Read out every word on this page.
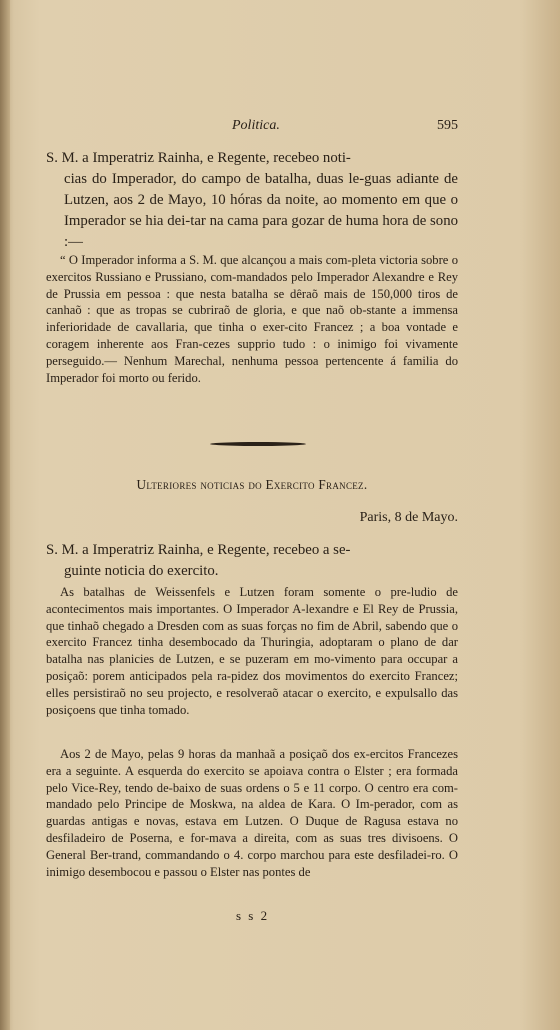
Politica.	595
S. M. a Imperatriz Rainha, e Regente, recebeo noti-
cias do Imperador, do campo de batalha, duas le-guas adiante de Lutzen, aos 2 de Mayo, 10 hóras da noite, ao momento em que o Imperador se hia dei-tar na cama para gozar de huma hora de sono :—
“ O Imperador informa a S. M. que alcançou a mais com-pleta victoria sobre o exercitos Russiano e Prussiano, com-mandados pelo Imperador Alexandre e Rey de Prussia em pessoa : que nesta batalha se dêraõ mais de 150,000 tiros de canhaõ : que as tropas se cubriraõ de gloria, e que naõ ob-stante a immensa inferioridade de cavallaria, que tinha o exer-cito Francez ; a boa vontade e coragem inherente aos Fran-cezes supprio tudo : o inimigo foi vivamente perseguido.— Nenhum Marechal, nenhuma pessoa pertencente á familia do Imperador foi morto ou ferido.
Ulteriores noticias do Exercito Francez.
Paris, 8 de Mayo.
S. M. a Imperatriz Rainha, e Regente, recebeo a se-
guinte noticia do exercito.
As batalhas de Weissenfels e Lutzen foram somente o pre-ludio de acontecimentos mais importantes. O Imperador A-lexandre e El Rey de Prussia, que tinhaõ chegado a Dresden com as suas forças no fim de Abril, sabendo que o exercito Francez tinha desembocado da Thuringia, adoptaram o plano de dar batalha nas planicies de Lutzen, e se puzeram em mo-vimento para occupar a posiçaõ: porem anticipados pela ra-pidez dos movimentos do exercito Francez; elles persistiraõ no seu projecto, e resolveraõ atacar o exercito, e expulsallo das posiçoens que tinha tomado.
Aos 2 de Mayo, pelas 9 horas da manhaã a posiçaõ dos ex-ercitos Francezes era a seguinte. A esquerda do exercito se apoiava contra o Elster ; era formada pelo Vice-Rey, tendo de-baixo de suas ordens o 5 e 11 corpo. O centro era com-mandado pelo Principe de Moskwa, na aldea de Kara. O Im-perador, com as guardas antigas e novas, estava em Lutzen. O Duque de Ragusa estava no desfiladeiro de Poserna, e for-mava a direita, com as suas tres divisoens. O General Ber-trand, commandando o 4. corpo marchou para este desfiladei-ro. O inimigo desembocou e passou o Elster nas pontes de
s s 2
